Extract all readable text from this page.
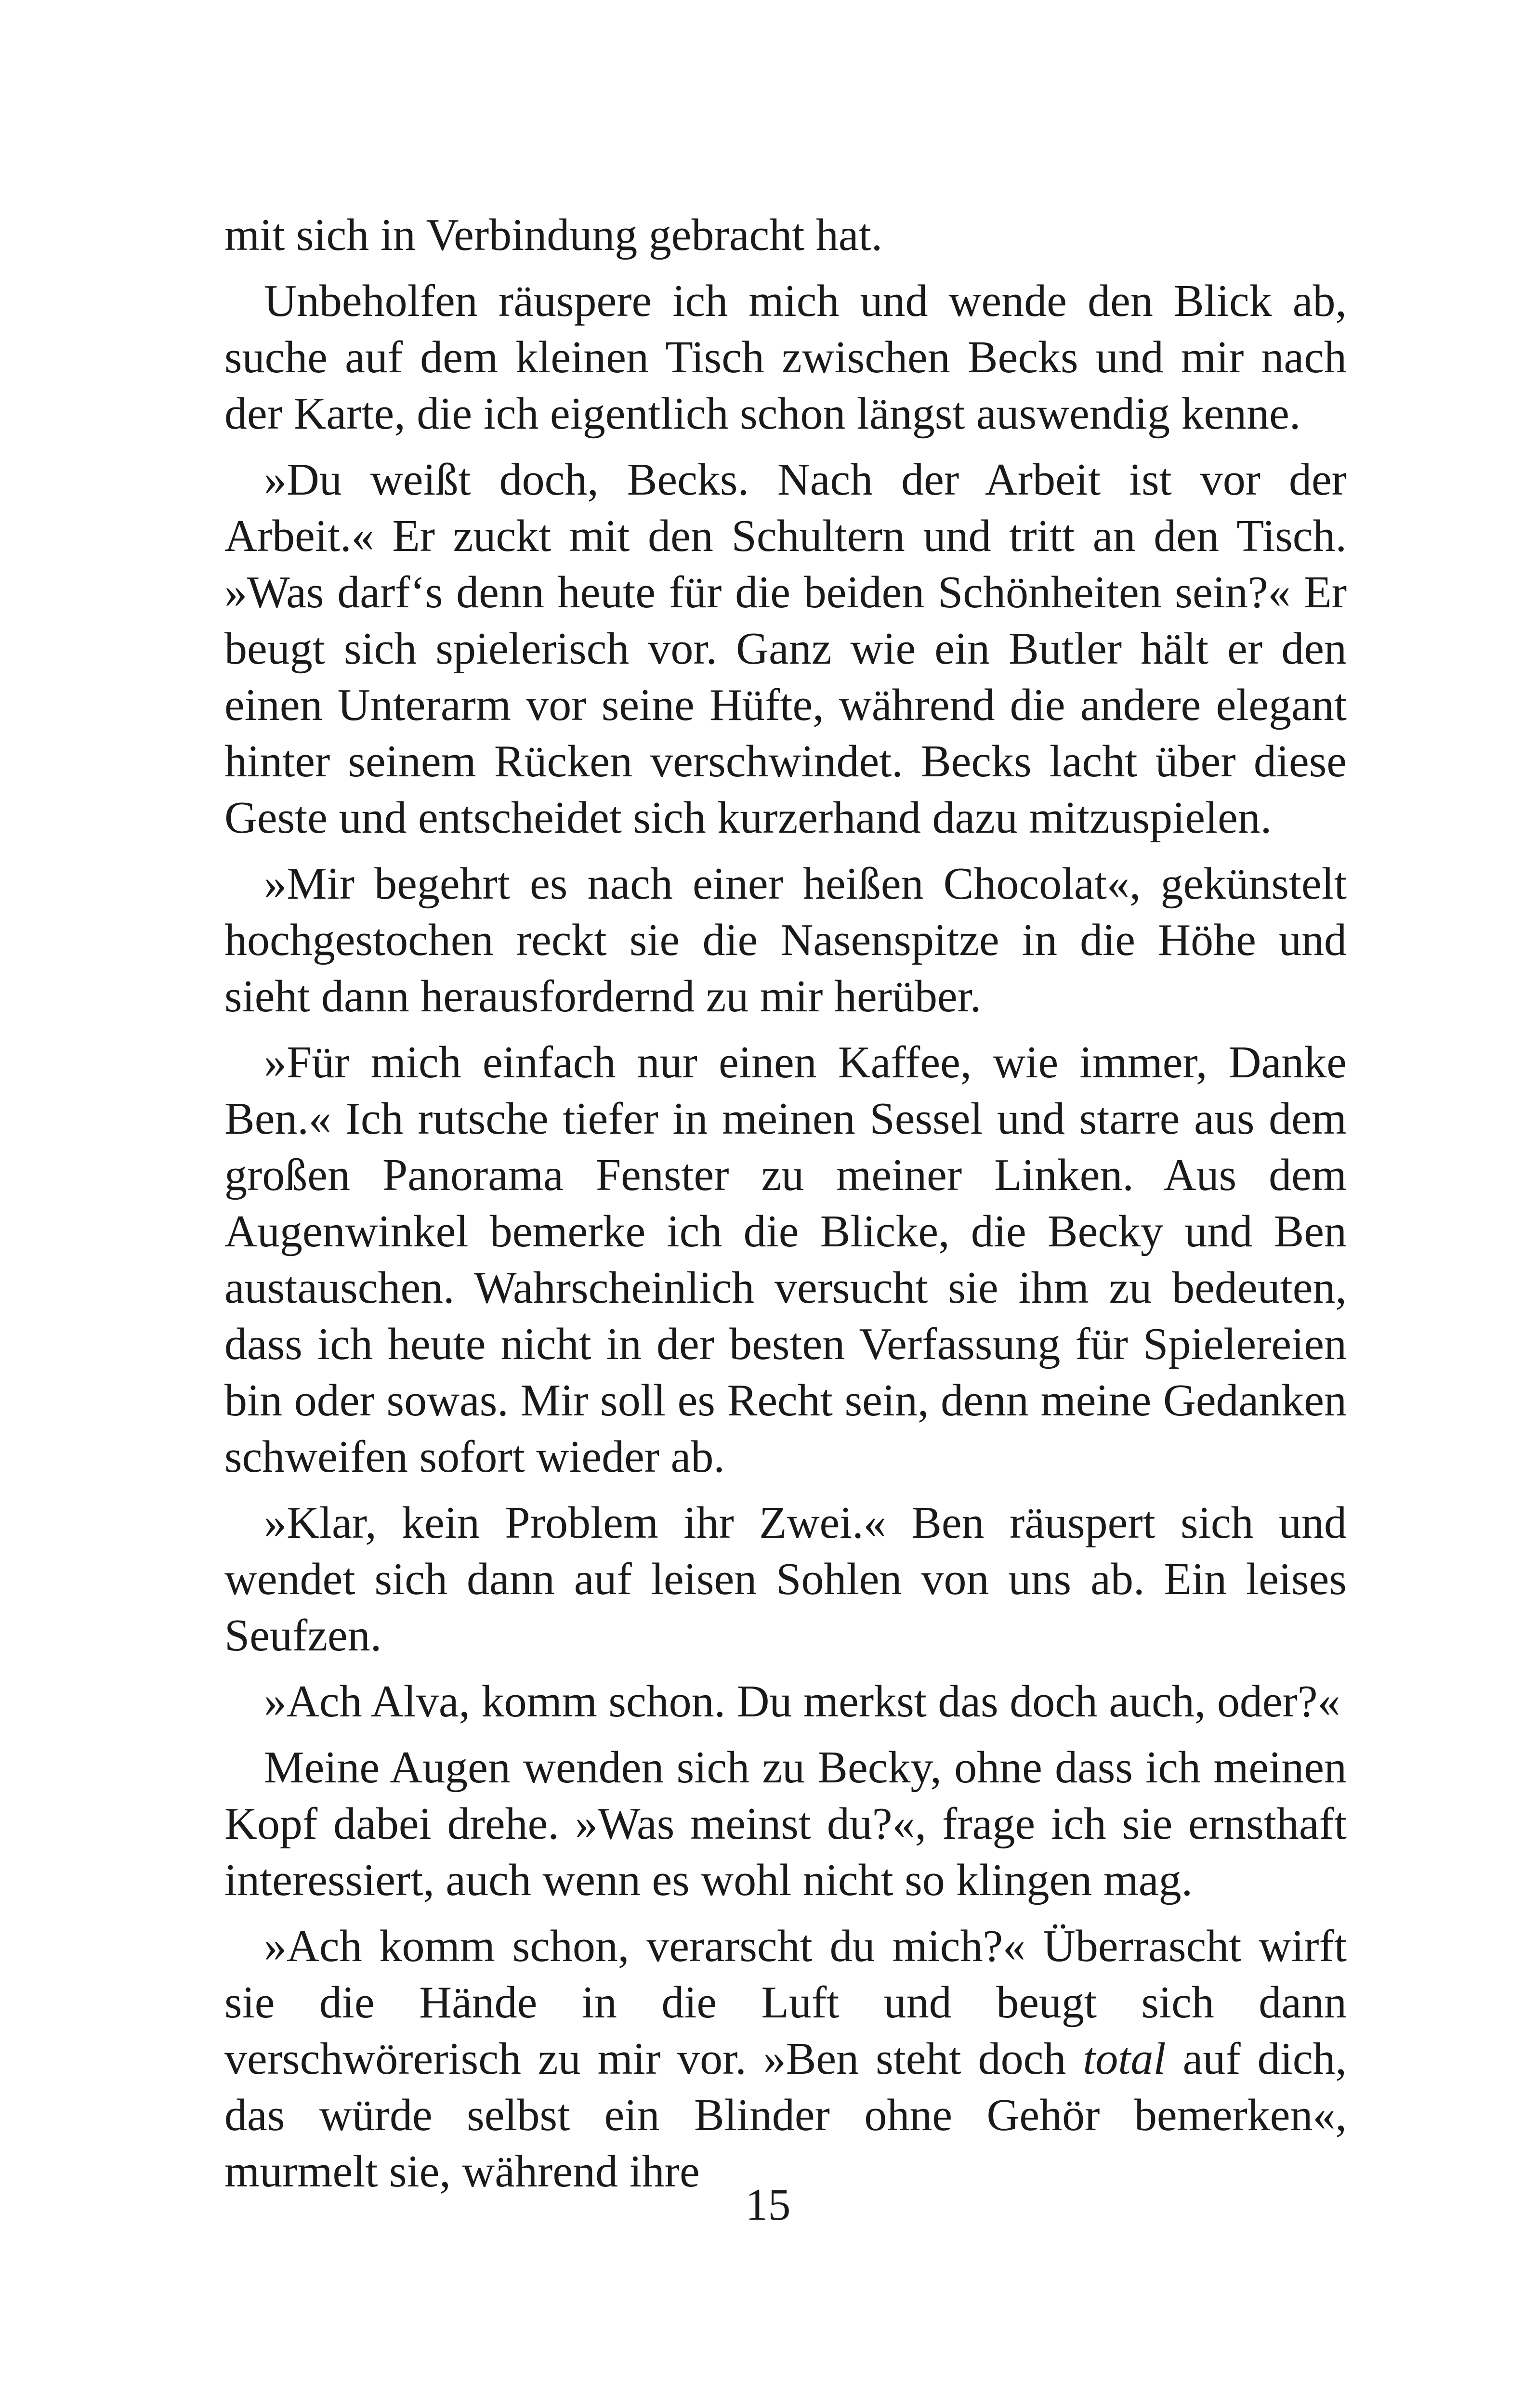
mit sich in Verbindung gebracht hat.

Unbeholfen räuspere ich mich und wende den Blick ab, suche auf dem kleinen Tisch zwischen Becks und mir nach der Karte, die ich eigentlich schon längst auswendig kenne.

»Du weißt doch, Becks. Nach der Arbeit ist vor der Arbeit.« Er zuckt mit den Schultern und tritt an den Tisch. »Was darf‘s denn heute für die beiden Schönheiten sein?« Er beugt sich spielerisch vor. Ganz wie ein Butler hält er den einen Unterarm vor seine Hüfte, während die andere elegant hinter seinem Rücken verschwindet. Becks lacht über diese Geste und entscheidet sich kurzerhand dazu mitzuspielen.

»Mir begehrt es nach einer heißen Chocolat«, gekünstelt hochgestochen reckt sie die Nasenspitze in die Höhe und sieht dann herausfordernd zu mir herüber.

»Für mich einfach nur einen Kaffee, wie immer, Danke Ben.« Ich rutsche tiefer in meinen Sessel und starre aus dem großen Panorama Fenster zu meiner Linken. Aus dem Augenwinkel bemerke ich die Blicke, die Becky und Ben austauschen. Wahrscheinlich versucht sie ihm zu bedeuten, dass ich heute nicht in der besten Verfassung für Spielereien bin oder sowas. Mir soll es Recht sein, denn meine Gedanken schweifen sofort wieder ab.

»Klar, kein Problem ihr Zwei.« Ben räuspert sich und wendet sich dann auf leisen Sohlen von uns ab. Ein leises Seufzen.

»Ach Alva, komm schon. Du merkst das doch auch, oder?«

Meine Augen wenden sich zu Becky, ohne dass ich meinen Kopf dabei drehe. »Was meinst du?«, frage ich sie ernsthaft interessiert, auch wenn es wohl nicht so klingen mag.

»Ach komm schon, verarscht du mich?« Überrascht wirft sie die Hände in die Luft und beugt sich dann verschwörerisch zu mir vor. »Ben steht doch total auf dich, das würde selbst ein Blinder ohne Gehör bemerken«, murmelt sie, während ihre

15
